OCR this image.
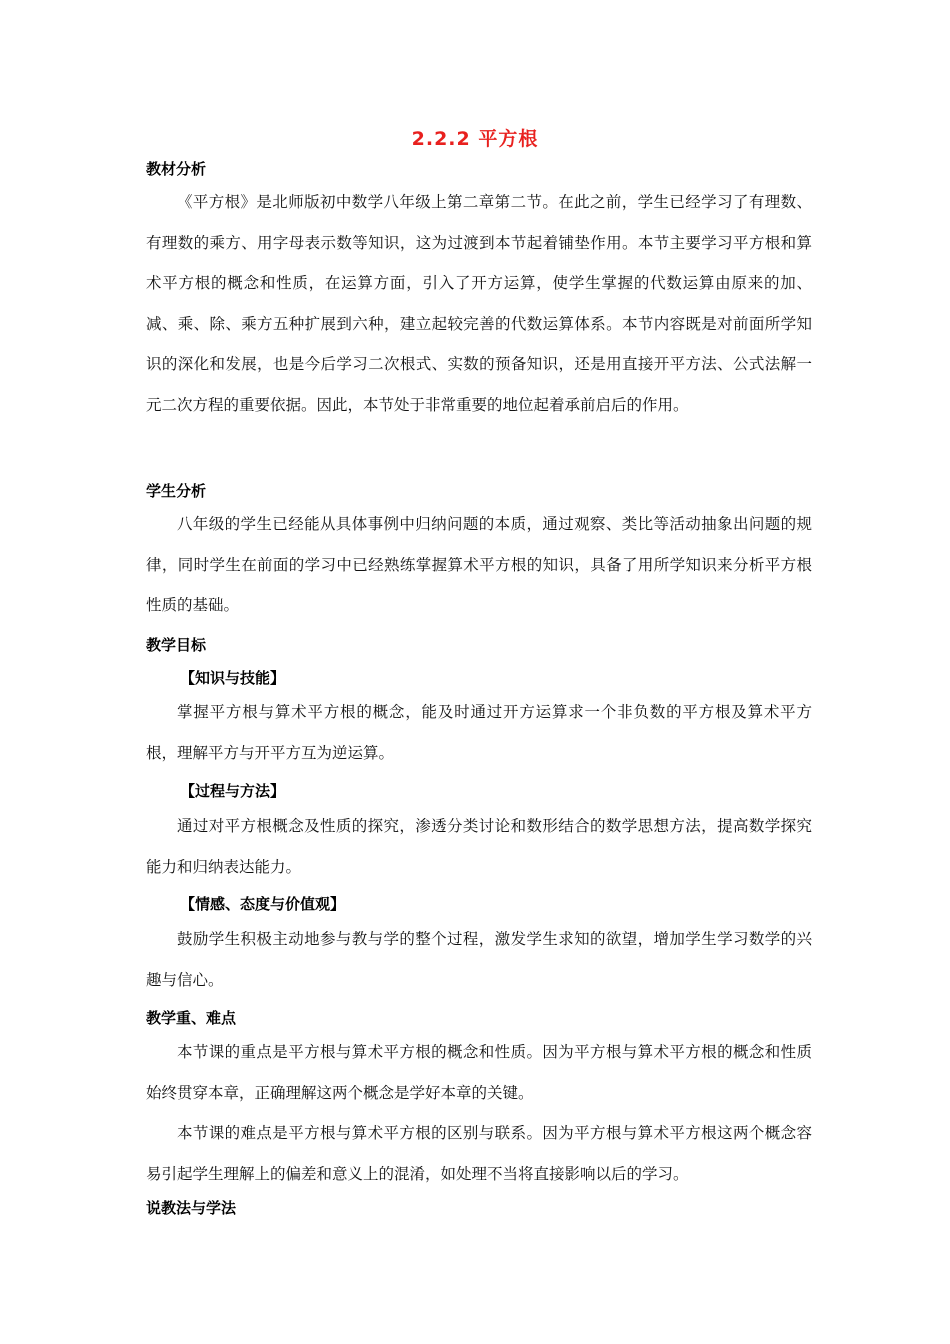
2.2.2 平方根
教材分析
《平方根》是北师版初中数学八年级上第二章第二节。在此之前，学生已经学习了有理数、有理数的乘方、用字母表示数等知识，这为过渡到本节起着铺垫作用。本节主要学习平方根和算术平方根的概念和性质，在运算方面，引入了开方运算，使学生掌握的代数运算由原来的加、减、乘、除、乘方五种扩展到六种，建立起较完善的代数运算体系。本节内容既是对前面所学知识的深化和发展，也是今后学习二次根式、实数的预备知识，还是用直接开平方法、公式法解一元二次方程的重要依据。因此，本节处于非常重要的地位起着承前启后的作用。
学生分析
八年级的学生已经能从具体事例中归纳问题的本质，通过观察、类比等活动抽象出问题的规律，同时学生在前面的学习中已经熟练掌握算术平方根的知识，具备了用所学知识来分析平方根性质的基础。
教学目标
【知识与技能】
掌握平方根与算术平方根的概念，能及时通过开方运算求一个非负数的平方根及算术平方根，理解平方与开平方互为逆运算。
【过程与方法】
通过对平方根概念及性质的探究，渗透分类讨论和数形结合的数学思想方法，提高数学探究能力和归纳表达能力。
【情感、态度与价值观】
鼓励学生积极主动地参与教与学的整个过程，激发学生求知的欲望，增加学生学习数学的兴趣与信心。
教学重、难点
本节课的重点是平方根与算术平方根的概念和性质。因为平方根与算术平方根的概念和性质始终贯穿本章，正确理解这两个概念是学好本章的关键。
本节课的难点是平方根与算术平方根的区别与联系。因为平方根与算术平方根这两个概念容易引起学生理解上的偏差和意义上的混淆，如处理不当将直接影响以后的学习。
说教法与学法
